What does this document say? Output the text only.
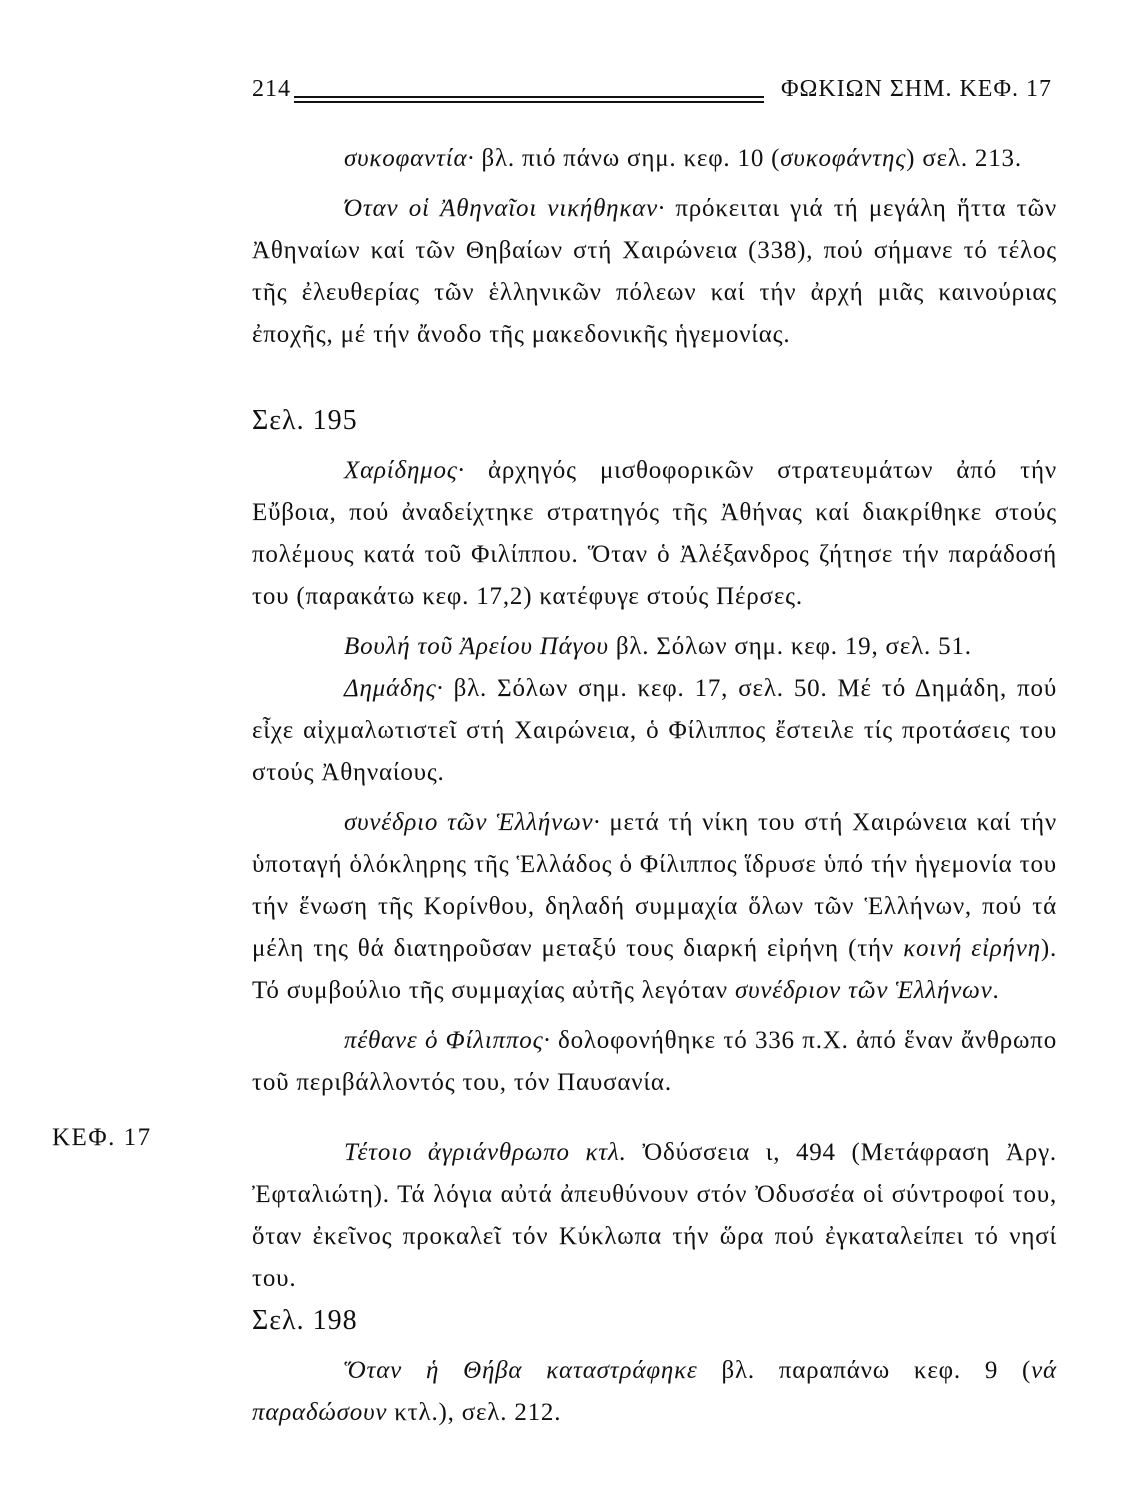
214	ΦΩΚΙΩΝ ΣΗΜ. ΚΕΦ. 17
ΚΕΦ. 17

συκοφαντία· βλ. πιό πάνω σημ. κεφ. 10 (συκοφάντης) σελ. 213.

Όταν οἱ Ἀθηναῖοι νικήθηκαν· πρόκειται γιά τή μεγάλη ἥττα τῶν Ἀθηναίων καί τῶν Θηβαίων στή Χαιρώνεια (338), πού σήμανε τό τέλος τῆς ἐλευθερίας τῶν ἑλληνικῶν πόλεων καί τήν ἀρχή μιᾶς καινούριας ἐποχῆς, μέ τήν ἄνοδο τῆς μακεδονικῆς ἡγεμονίας.

Σελ. 195

Χαρίδημος· ἀρχηγός μισθοφορικῶν στρατευμάτων ἀπό τήν Εὔβοια, πού ἀναδείχτηκε στρατηγός τῆς Ἀθήνας καί διακρίθηκε στούς πολέμους κατά τοῦ Φιλίππου. Ὅταν ὁ Ἀλέξανδρος ζήτησε τήν παράδοσή του (παρακάτω κεφ. 17,2) κατέφυγε στούς Πέρσες.

Βουλή τοῦ Ἀρείου Πάγου βλ. Σόλων σημ. κεφ. 19, σελ. 51.

Δημάδης· βλ. Σόλων σημ. κεφ. 17, σελ. 50. Μέ τό Δημάδη, πού εἶχε αἰχμαλωτιστεῖ στή Χαιρώνεια, ὁ Φίλιππος ἔστειλε τίς προτάσεις του στούς Ἀθηναίους.

συνέδριο τῶν Ἑλλήνων· μετά τή νίκη του στή Χαιρώνεια καί τήν ὑποταγή ὁλόκληρης τῆς Ἑλλάδος ὁ Φίλιππος ἵδρυσε ὑπό τήν ἡγεμονία του τήν ἕνωση τῆς Κορίνθου, δηλαδή συμμαχία ὅλων τῶν Ἑλλήνων, πού τά μέλη της θά διατηροῦσαν μεταξύ τους διαρκή εἰρήνη (τήν κοινή εἰρήνη). Τό συμβούλιο τῆς συμμαχίας αὐτῆς λεγόταν συνέδριον τῶν Ἑλλήνων.

πέθανε ὁ Φίλιππος· δολοφονήθηκε τό 336 π.Χ. ἀπό ἕναν ἄνθρωπο τοῦ περιβάλλοντός του, τόν Παυσανία.

Τέτοιο ἀγριάνθρωπο κτλ. Ὀδύσσεια ι, 494 (Μετάφραση Ἀργ. Ἐφταλιώτη). Τά λόγια αὐτά ἀπευθύνουν στόν Ὀδυσσέα οἱ σύντροφοί του, ὅταν ἐκεῖνος προκαλεῖ τόν Κύκλωπα τήν ὥρα πού ἐγκαταλείπει τό νησί του.

Σελ. 198

Ὅταν ἡ Θήβα καταστράφηκε βλ. παραπάνω κεφ. 9 (νά παραδώσουν κτλ.), σελ. 212.
